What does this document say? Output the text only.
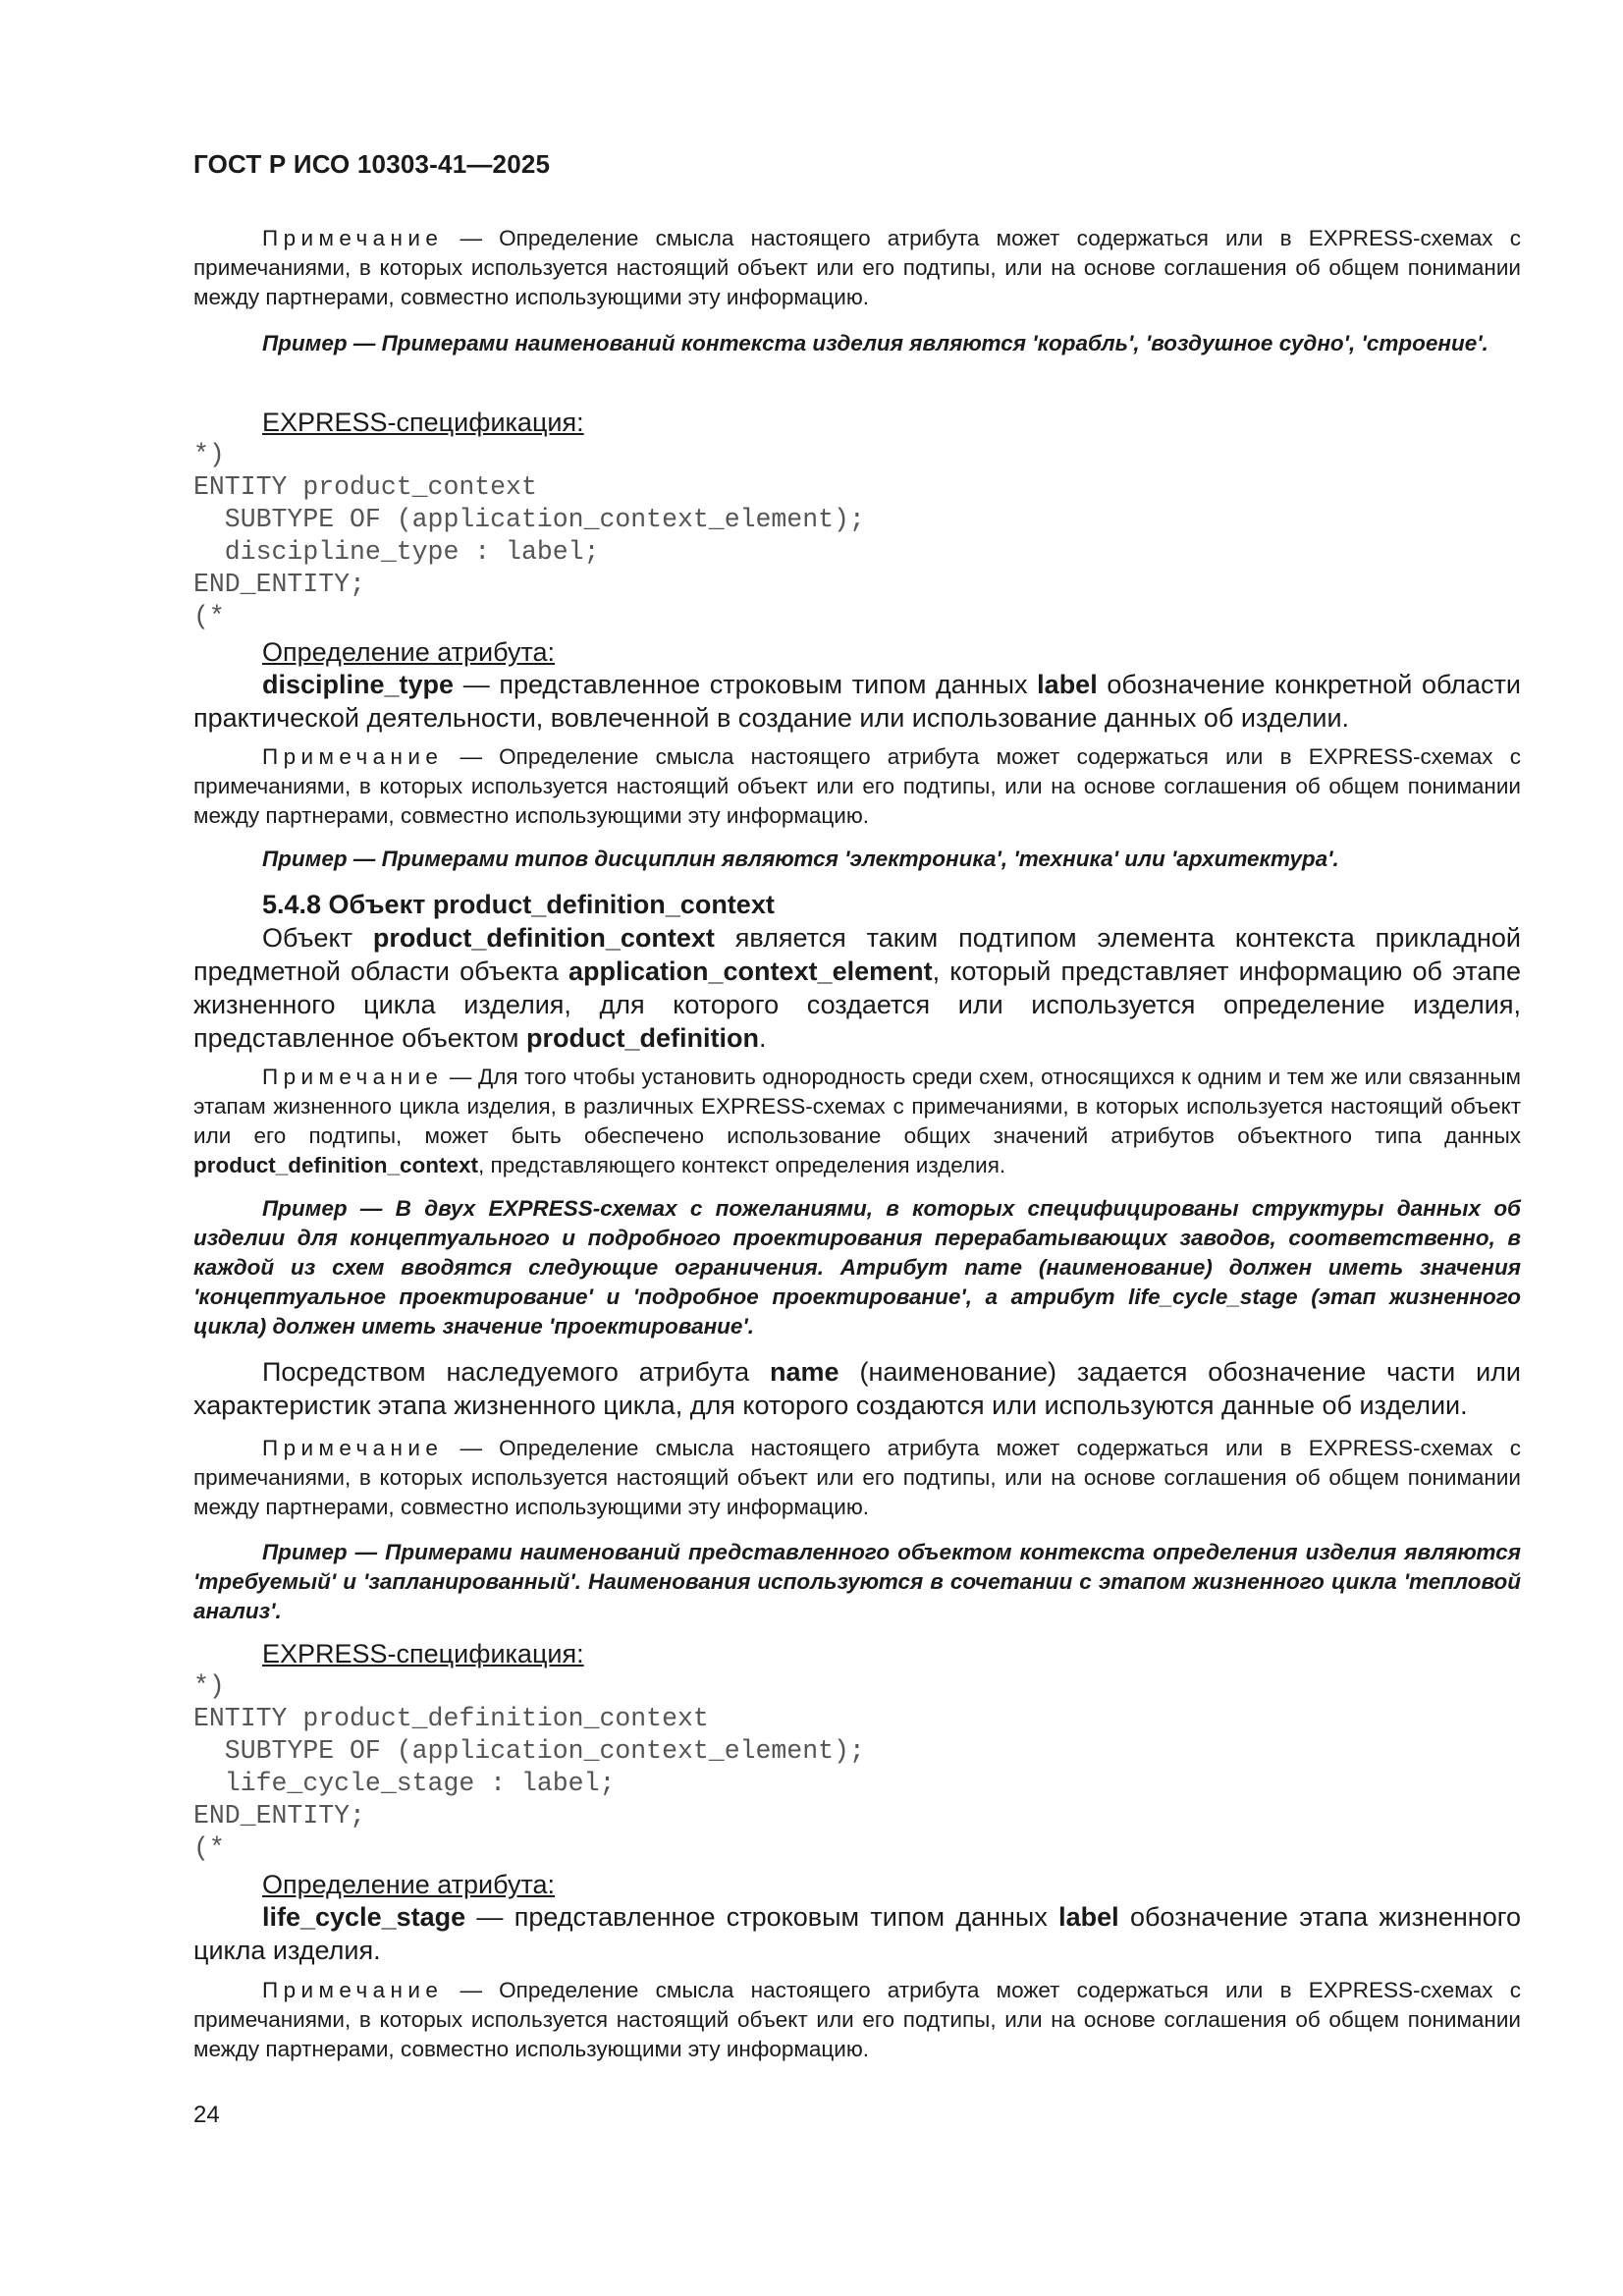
ГОСТ Р ИСО 10303-41—2025
Примечание — Определение смысла настоящего атрибута может содержаться или в EXPRESS-схемах с примечаниями, в которых используется настоящий объект или его подтипы, или на основе соглашения об общем понимании между партнерами, совместно использующими эту информацию.
Пример — Примерами наименований контекста изделия являются 'корабль', 'воздушное судно', 'строение'.
EXPRESS-спецификация:
*)
ENTITY product_context
SUBTYPE OF (application_context_element);
discipline_type : label;
END_ENTITY;
(*
Определение атрибута:
discipline_type — представленное строковым типом данных label обозначение конкретной области практической деятельности, вовлеченной в создание или использование данных об изделии.
Примечание — Определение смысла настоящего атрибута может содержаться или в EXPRESS-схемах с примечаниями, в которых используется настоящий объект или его подтипы, или на основе соглашения об общем понимании между партнерами, совместно использующими эту информацию.
Пример — Примерами типов дисциплин являются 'электроника', 'техника' или 'архитектура'.
5.4.8 Объект product_definition_context
Объект product_definition_context является таким подтипом элемента контекста прикладной предметной области объекта application_context_element, который представляет информацию об этапе жизненного цикла изделия, для которого создается или используется определение изделия, представленное объектом product_definition.
Примечание — Для того чтобы установить однородность среди схем, относящихся к одним и тем же или связанным этапам жизненного цикла изделия, в различных EXPRESS-схемах с примечаниями, в которых используется настоящий объект или его подтипы, может быть обеспечено использование общих значений атрибутов объектного типа данных product_definition_context, представляющего контекст определения изделия.
Пример — В двух EXPRESS-схемах с пожеланиями, в которых специфицированы структуры данных об изделии для концептуального и подробного проектирования перерабатывающих заводов, соответственно, в каждой из схем вводятся следующие ограничения. Атрибут name (наименование) должен иметь значения 'концептуальное проектирование' и 'подробное проектирование', а атрибут life_cycle_stage (этап жизненного цикла) должен иметь значение 'проектирование'.
Посредством наследуемого атрибута name (наименование) задается обозначение части или характеристик этапа жизненного цикла, для которого создаются или используются данные об изделии.
Примечание — Определение смысла настоящего атрибута может содержаться или в EXPRESS-схемах с примечаниями, в которых используется настоящий объект или его подтипы, или на основе соглашения об общем понимании между партнерами, совместно использующими эту информацию.
Пример — Примерами наименований представленного объектом контекста определения изделия являются 'требуемый' и 'запланированный'. Наименования используются в сочетании с этапом жизненного цикла 'тепловой анализ'.
EXPRESS-спецификация:
*)
ENTITY product_definition_context
SUBTYPE OF (application_context_element);
life_cycle_stage : label;
END_ENTITY;
(*
Определение атрибута:
life_cycle_stage — представленное строковым типом данных label обозначение этапа жизненного цикла изделия.
Примечание — Определение смысла настоящего атрибута может содержаться или в EXPRESS-схемах с примечаниями, в которых используется настоящий объект или его подтипы, или на основе соглашения об общем понимании между партнерами, совместно использующими эту информацию.
24
